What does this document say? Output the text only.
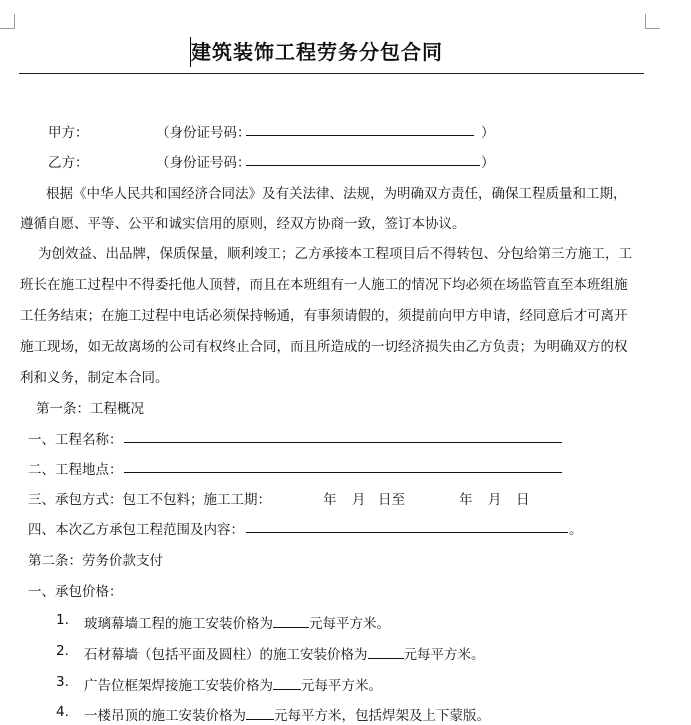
建筑装饰工程劳务分包合同
甲方：	（身份证号码：	）
乙方：	（身份证号码：	）
根据《中华人民共和国经济合同法》及有关法律、法规，为明确双方责任，确保工程质量和工期，
遵循自愿、平等、公平和诚实信用的原则，经双方协商一致，签订本协议。
为创效益、出品牌，保质保量，顺利竣工；乙方承接本工程项目后不得转包、分包给第三方施工，工
班长在施工过程中不得委托他人顶替，而且在本班组有一人施工的情况下均必须在场监管直至本班组施
工任务结束；在施工过程中电话必须保持畅通，有事须请假的，须提前向甲方申请，经同意后才可离开
施工现场，如无故离场的公司有权终止合同，而且所造成的一切经济损失由乙方负责；为明确双方的权
利和义务，制定本合同。
第一条：工程概况
一、工程名称：
二、工程地点：
三、承包方式：包工不包料；施工工期：	年 月 日至	年 月 日
四、本次乙方承包工程范围及内容：	。
第二条：劳务价款支付
一、承包价格：
1. 玻璃幕墙工程的施工安装价格为	元每平方米。
2. 石材幕墙（包括平面及圆柱）的施工安装价格为	元每平方米。
3. 广告位框架焊接施工安装价格为 元每平方米。
4. 一楼吊顶的施工安装价格为 元每平方米，包括焊架及上下蒙版。
